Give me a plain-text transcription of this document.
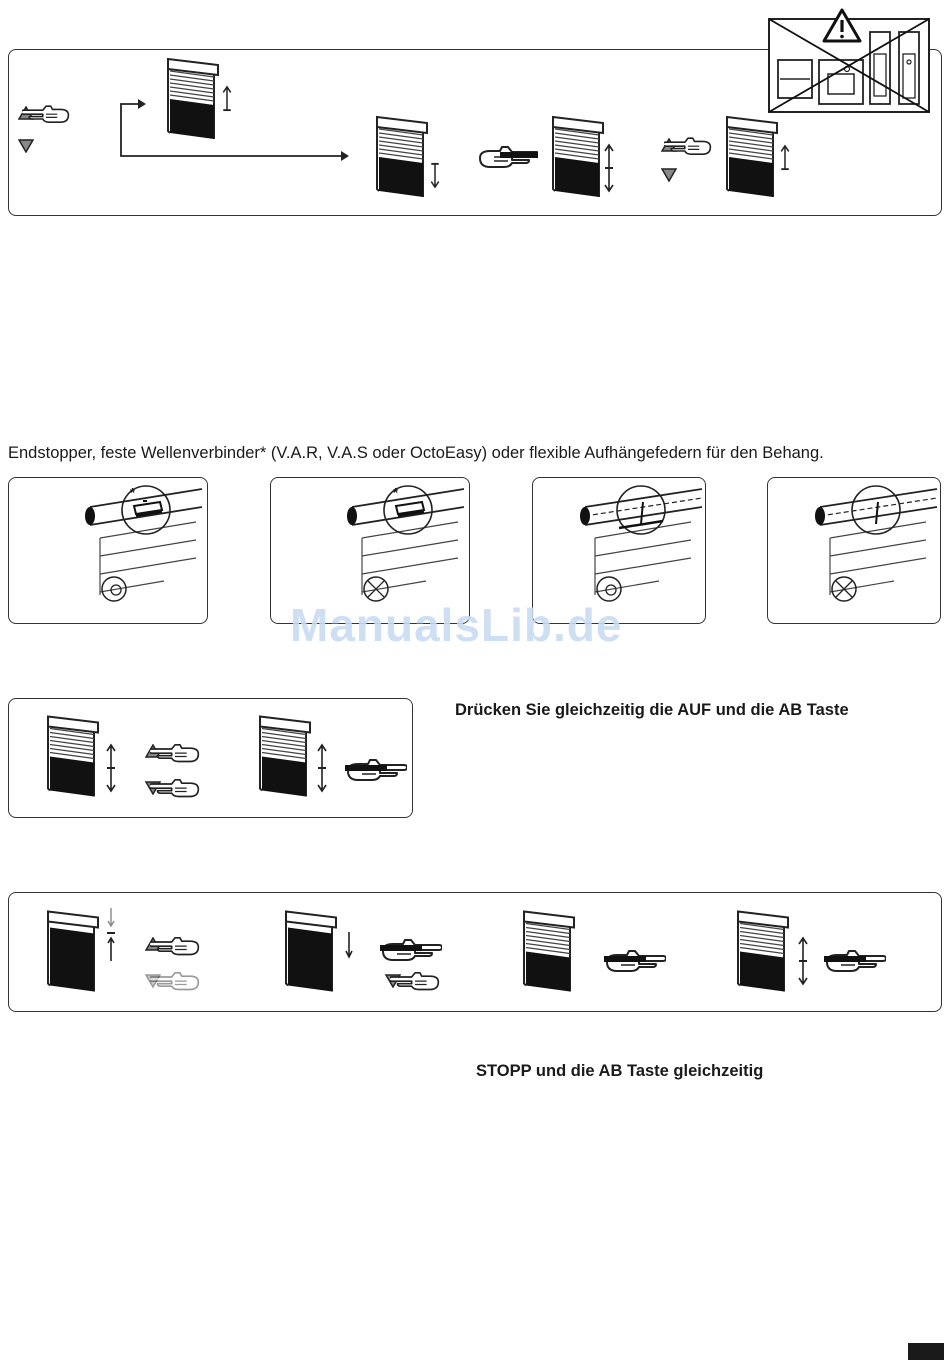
Endstopper, feste Wellenverbinder* (V.A.R, V.A.S oder OctoEasy) oder flexible Aufhängefedern für den Behang.
*	*
ManualsLib.de
Drücken Sie gleichzeitig die AUF und die AB Taste
STOPP und die AB Taste gleichzeitig
